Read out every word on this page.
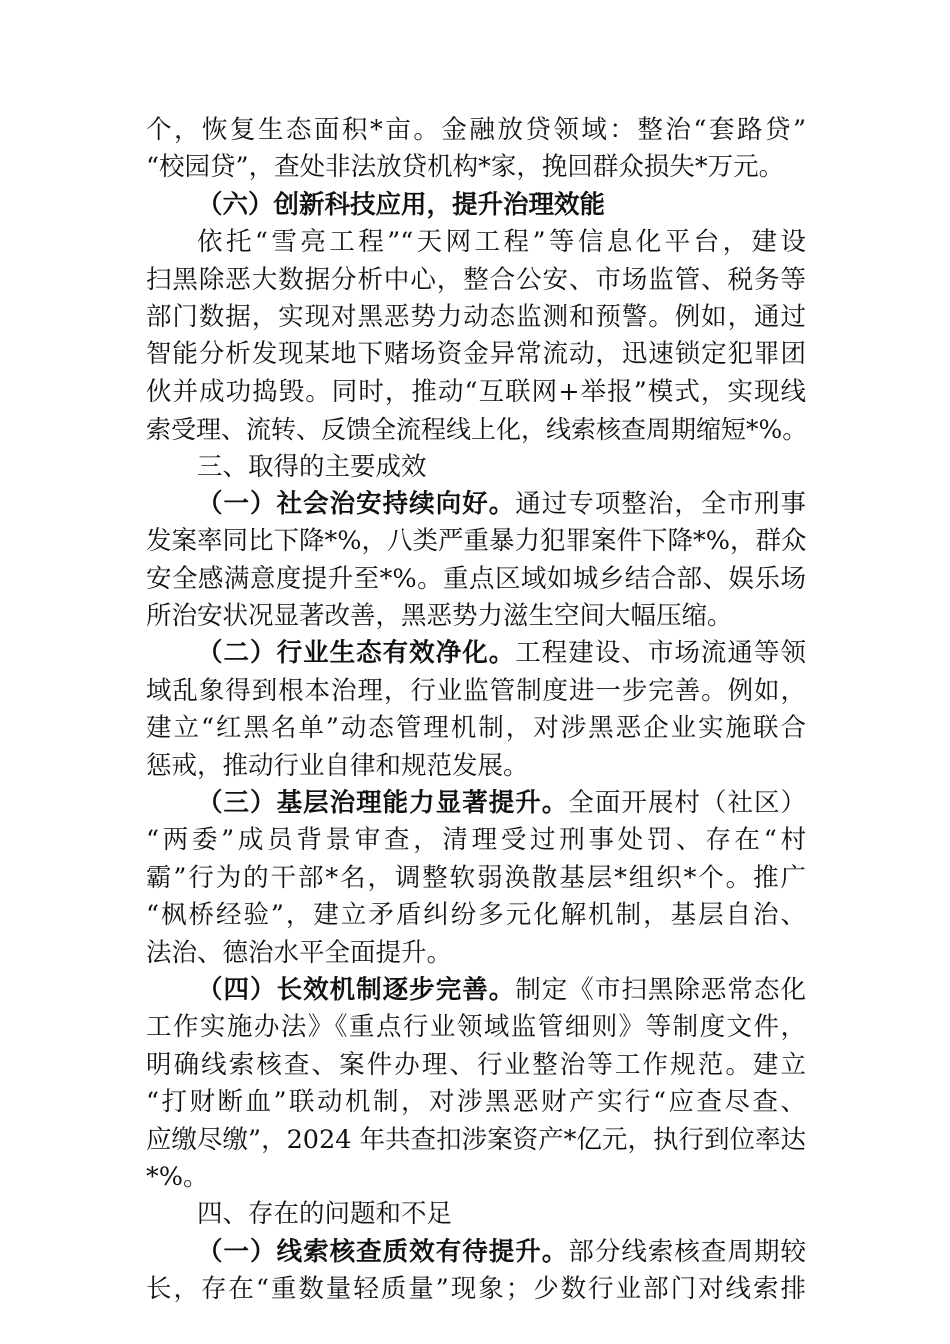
个，恢复生态面积*亩。金融放贷领域：整治“套路贷”
“校园贷”，查处非法放贷机构*家，挽回群众损失*万元。
（六）创新科技应用，提升治理效能
依托“雪亮工程”“天网工程”等信息化平台，建设
扫黑除恶大数据分析中心，整合公安、市场监管、税务等
部门数据，实现对黑恶势力动态监测和预警。例如，通过
智能分析发现某地下赌场资金异常流动，迅速锁定犯罪团
伙并成功捣毁。同时，推动“互联网+举报”模式，实现线
索受理、流转、反馈全流程线上化，线索核查周期缩短*%。
三、取得的主要成效
（一）社会治安持续向好。通过专项整治，全市刑事
发案率同比下降*%，八类严重暴力犯罪案件下降*%，群众
安全感满意度提升至*%。重点区域如城乡结合部、娱乐场
所治安状况显著改善，黑恶势力滋生空间大幅压缩。
（二）行业生态有效净化。工程建设、市场流通等领
域乱象得到根本治理，行业监管制度进一步完善。例如，
建立“红黑名单”动态管理机制，对涉黑恶企业实施联合
惩戒，推动行业自律和规范发展。
（三）基层治理能力显著提升。全面开展村（社区）
“两委”成员背景审查，清理受过刑事处罚、存在“村
霸”行为的干部*名，调整软弱涣散基层*组织*个。推广
“枫桥经验”，建立矛盾纠纷多元化解机制，基层自治、
法治、德治水平全面提升。
（四）长效机制逐步完善。制定《市扫黑除恶常态化
工作实施办法》《重点行业领域监管细则》等制度文件，
明确线索核查、案件办理、行业整治等工作规范。建立
“打财断血”联动机制，对涉黑恶财产实行“应查尽查、
应缴尽缴”，2024 年共查扣涉案资产*亿元，执行到位率达
*%。
四、存在的问题和不足
（一）线索核查质效有待提升。部分线索核查周期较
长，存在“重数量轻质量”现象；少数行业部门对线索排
